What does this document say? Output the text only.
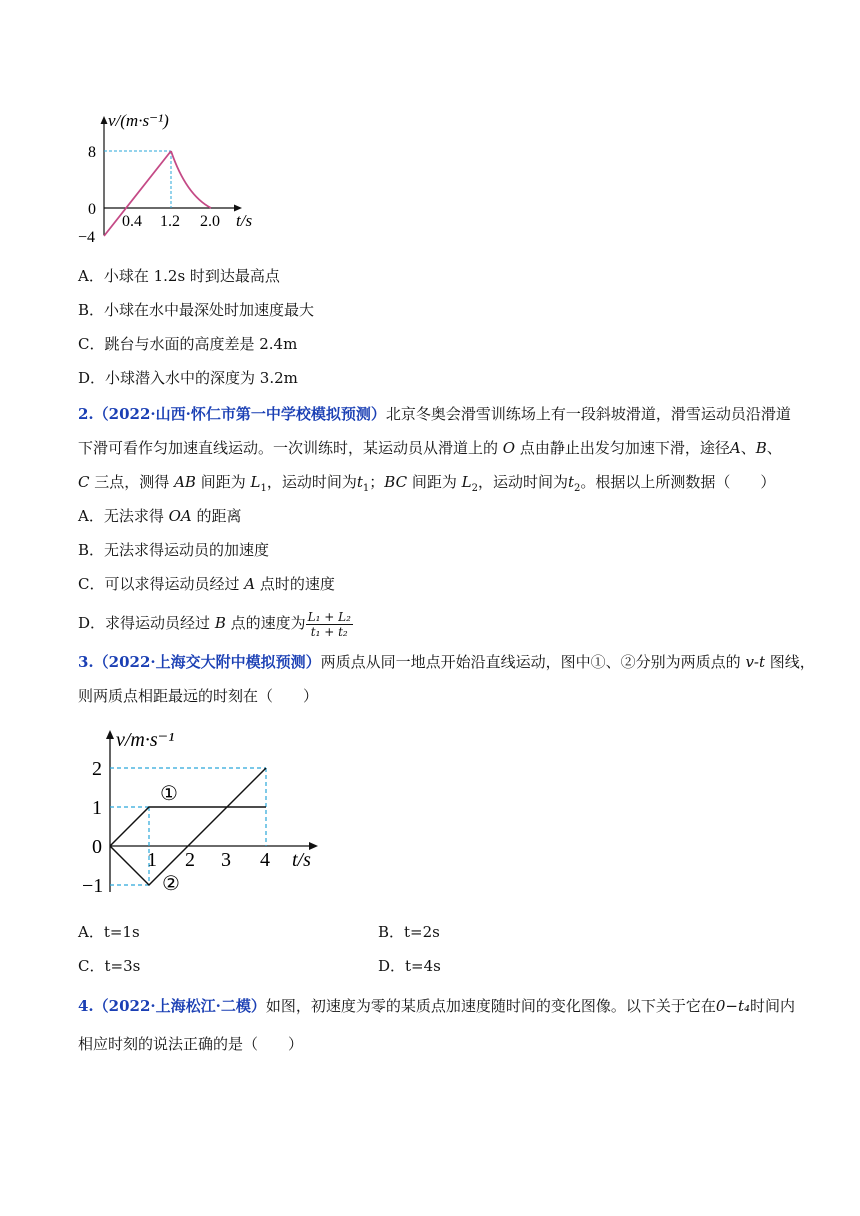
v/(m·s⁻¹)
8
0
−4
0.4 1.2 2.0 t/s
A．小球在 1.2s 时到达最高点
B．小球在水中最深处时加速度最大
C．跳台与水面的高度差是 2.4m
D．小球潜入水中的深度为 3.2m
2.（2022·山西·怀仁市第一中学校模拟预测）北京冬奥会滑雪训练场上有一段斜坡滑道，滑雪运动员沿滑道
下滑可看作匀加速直线运动。一次训练时，某运动员从滑道上的 O 点由静止出发匀加速下滑，途径A、B、
C 三点，测得 AB 间距为 $L_1$，运动时间为$t_1$；BC 间距为 $L_2$，运动时间为$t_2$。根据以上所测数据（　　）
A．无法求得 OA 的距离
B．无法求得运动员的加速度
C．可以求得运动员经过 A 点时的速度
D．求得运动员经过 B 点的速度为 $\frac{\text{L₁ + L₂}}{\text{t₁ + t₂}}$
3.（2022·上海交大附中模拟预测）两质点从同一地点开始沿直线运动，图中①、②分别为两质点的 v-t 图线，
则两质点相距最远的时刻在（　　）
v/m·s⁻¹
2
1
0
−1
1 2 3 4 t/s
①
②
A．t=1s	B．t=2s
C．t=3s	D．t=4s
4.（2022·上海松江·二模）如图，初速度为零的某质点加速度随时间的变化图像。以下关于它在0−t₄时间内
相应时刻的说法正确的是（　　）
